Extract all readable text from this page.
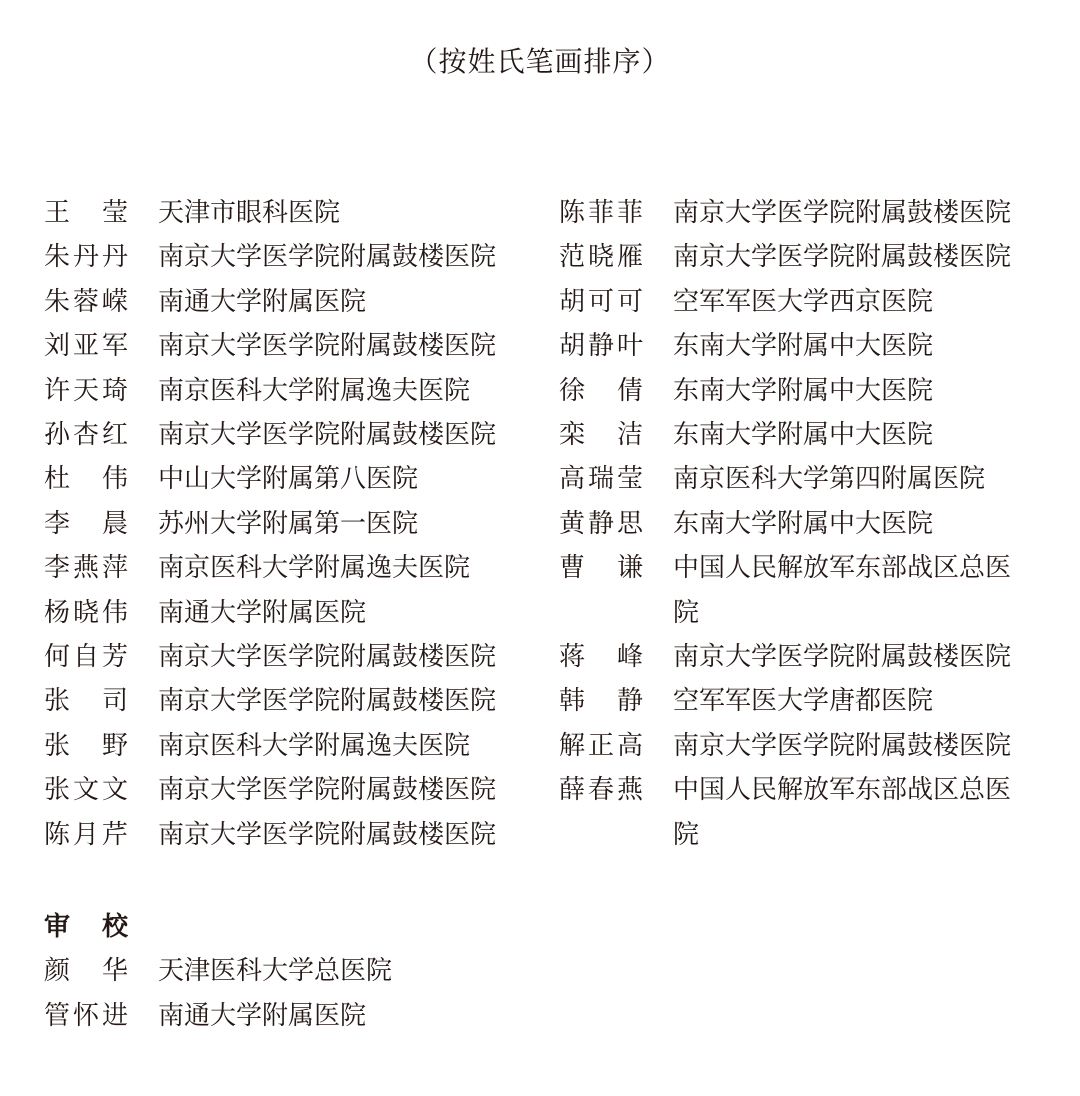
（按姓氏笔画排序）
王　莹 天津市眼科医院
朱丹丹 南京大学医学院附属鼓楼医院
朱蓉嵘 南通大学附属医院
刘亚军 南京大学医学院附属鼓楼医院
许天琦 南京医科大学附属逸夫医院
孙杏红 南京大学医学院附属鼓楼医院
杜　伟 中山大学附属第八医院
李　晨 苏州大学附属第一医院
李燕萍 南京医科大学附属逸夫医院
杨晓伟 南通大学附属医院
何自芳 南京大学医学院附属鼓楼医院
张　司 南京大学医学院附属鼓楼医院
张　野 南京医科大学附属逸夫医院
张文文 南京大学医学院附属鼓楼医院
陈月芹 南京大学医学院附属鼓楼医院
陈菲菲 南京大学医学院附属鼓楼医院
范晓雁 南京大学医学院附属鼓楼医院
胡可可 空军军医大学西京医院
胡静叶 东南大学附属中大医院
徐　倩 东南大学附属中大医院
栾　洁 东南大学附属中大医院
高瑞莹 南京医科大学第四附属医院
黄静思 东南大学附属中大医院
曹　谦 中国人民解放军东部战区总医院
蒋　峰 南京大学医学院附属鼓楼医院
韩　静 空军军医大学唐都医院
解正高 南京大学医学院附属鼓楼医院
薛春燕 中国人民解放军东部战区总医院
审　校
颜　华 天津医科大学总医院
管怀进 南通大学附属医院
